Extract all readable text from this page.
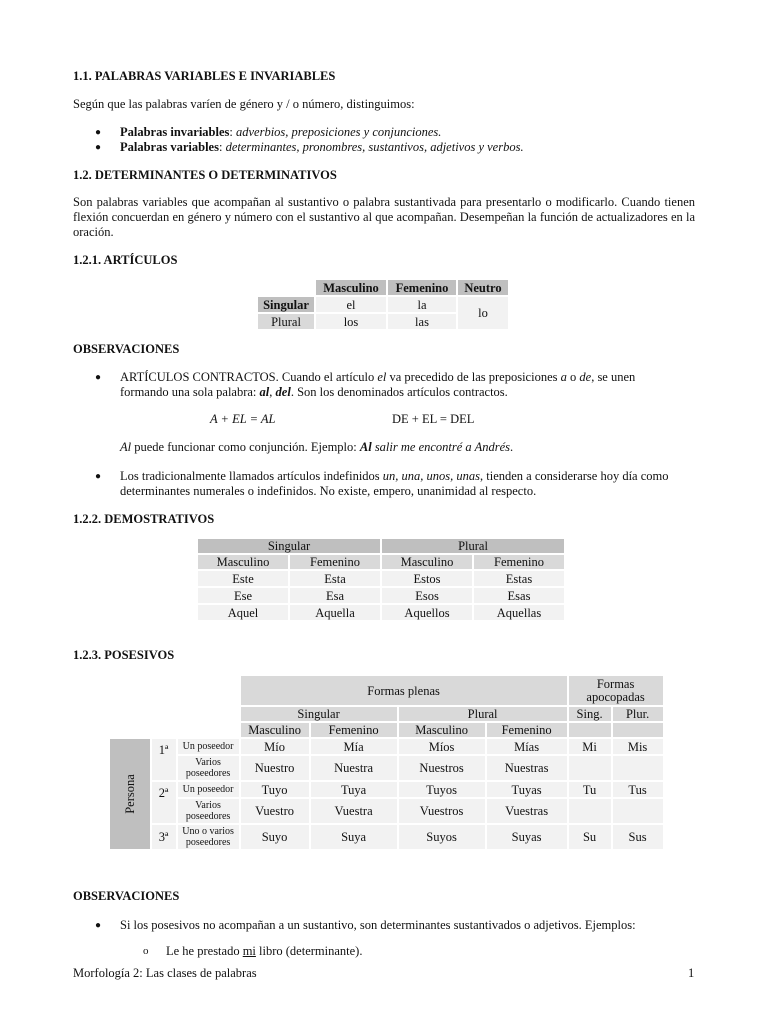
1.1. PALABRAS VARIABLES E INVARIABLES

Según que las palabras varíen de género y / o número, distinguimos:

● Palabras invariables: adverbios, preposiciones y conjunciones.

● Palabras variables: determinantes, pronombres, sustantivos, adjetivos y verbos.

1.2. DETERMINANTES O DETERMINATIVOS

Son palabras variables que acompañan al sustantivo o palabra sustantivada para presentarlo o modificarlo. Cuando tienen flexión concuerdan en género y número con el sustantivo al que acompañan. Desempeñan la función de actualizadores en la oración.

1.2.1. ARTÍCULOS
	Masculino	Femenino	Neutro
Singular	el	la	lo
Plural	los	las	
OBSERVACIONES
● ARTÍCULOS CONTRACTOS. Cuando el artículo el va precedido de las preposiciones a o de, se unen
formando una sola palabra: al, del. Son los denominados artículos contractos.

A + EL = AL	DE + EL = DEL

Al puede funcionar como conjunción. Ejemplo: Al salir me encontré a Andrés.

● Los tradicionalmente llamados artículos indefinidos un, una, unos, unas, tienden a considerarse hoy día como
determinantes numerales o indefinidos. No existe, empero, unanimidad al respecto.

1.2.2. DEMOSTRATIVOS
Singular		Plural	
Masculino	Femenino	Masculino	Femenino
Este	Esta	Estos	Estas
Ese	Esa	Esos	Esas
Aquel	Aquella	Aquellos	Aquellas
1.2.3. POSESIVOS
			Formas plenas				Formas apocopadas	
			Singular		Plural		Sing.	Plur.
			Masculino	Femenino	Masculino	Femenino		
Persona	1ª	Un poseedor	Mío	Mía	Míos	Mías	Mi	Mis
		Varios poseedores	Nuestro	Nuestra	Nuestros	Nuestras		
	2ª	Un poseedor	Tuyo	Tuya	Tuyos	Tuyas	Tu	Tus
		Varios poseedores	Vuestro	Vuestra	Vuestros	Vuestras		
	3ª	Uno o varios poseedores	Suyo	Suya	Suyos	Suyas	Su	Sus
OBSERVACIONES
● Si los posesivos no acompañan a un sustantivo, son determinantes sustantivados o adjetivos. Ejemplos:

o Le he prestado mi libro (determinante).

Morfología 2: Las clases de palabras	1
